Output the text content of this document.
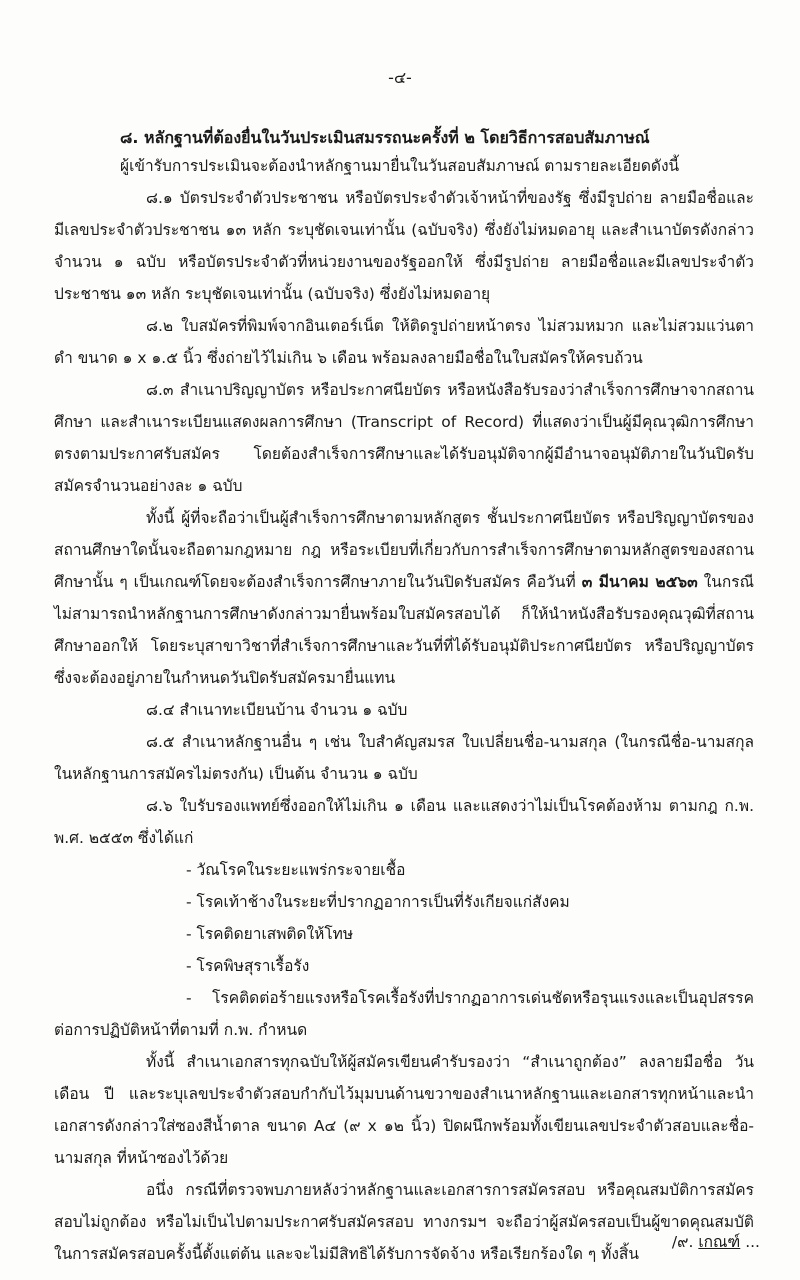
-๔-
๘. หลักฐานที่ต้องยื่นในวันประเมินสมรรถนะครั้งที่ ๒ โดยวิธีการสอบสัมภาษณ์

ผู้เข้ารับการประเมินจะต้องนำหลักฐานมายื่นในวันสอบสัมภาษณ์ ตามรายละเอียดดังนี้

๘.๑ บัตรประจำตัวประชาชน หรือบัตรประจำตัวเจ้าหน้าที่ของรัฐ ซึ่งมีรูปถ่าย ลายมือชื่อและมีเลขประจำตัวประชาชน ๑๓ หลัก ระบุชัดเจนเท่านั้น (ฉบับจริง) ซึ่งยังไม่หมดอายุ และสำเนาบัตรดังกล่าวจำนวน ๑ ฉบับ หรือบัตรประจำตัวที่หน่วยงานของรัฐออกให้ ซึ่งมีรูปถ่าย ลายมือชื่อและมีเลขประจำตัวประชาชน ๑๓ หลัก ระบุชัดเจนเท่านั้น (ฉบับจริง) ซึ่งยังไม่หมดอายุ

๘.๒ ใบสมัครที่พิมพ์จากอินเตอร์เน็ต ให้ติดรูปถ่ายหน้าตรง ไม่สวมหมวก และไม่สวมแว่นตาดำ ขนาด ๑ x ๑.๕ นิ้ว ซึ่งถ่ายไว้ไม่เกิน ๖ เดือน พร้อมลงลายมือชื่อในใบสมัครให้ครบถ้วน

๘.๓ สำเนาปริญญาบัตร หรือประกาศนียบัตร หรือหนังสือรับรองว่าสำเร็จการศึกษาจากสถานศึกษา และสำเนาระเบียนแสดงผลการศึกษา (Transcript of Record) ที่แสดงว่าเป็นผู้มีคุณวุฒิการศึกษาตรงตามประกาศรับสมัคร โดยต้องสำเร็จการศึกษาและได้รับอนุมัติจากผู้มีอำนาจอนุมัติภายในวันปิดรับสมัครจำนวนอย่างละ ๑ ฉบับ

ทั้งนี้ ผู้ที่จะถือว่าเป็นผู้สำเร็จการศึกษาตามหลักสูตร ชั้นประกาศนียบัตร หรือปริญญาบัตรของสถานศึกษาใดนั้นจะถือตามกฎหมาย กฎ หรือระเบียบที่เกี่ยวกับการสำเร็จการศึกษาตามหลักสูตรของสถานศึกษานั้น ๆ เป็นเกณฑ์โดยจะต้องสำเร็จการศึกษาภายในวันปิดรับสมัคร คือวันที่ ๓ มีนาคม ๒๕๖๓ ในกรณีไม่สามารถนำหลักฐานการศึกษาดังกล่าวมายื่นพร้อมใบสมัครสอบได้ ก็ให้นำหนังสือรับรองคุณวุฒิที่สถานศึกษาออกให้ โดยระบุสาขาวิชาที่สำเร็จการศึกษาและวันที่ที่ได้รับอนุมัติประกาศนียบัตร หรือปริญญาบัตรซึ่งจะต้องอยู่ภายในกำหนดวันปิดรับสมัครมายื่นแทน

๘.๔ สำเนาทะเบียนบ้าน จำนวน ๑ ฉบับ

๘.๕ สำเนาหลักฐานอื่น ๆ เช่น ใบสำคัญสมรส ใบเปลี่ยนชื่อ-นามสกุล (ในกรณีชื่อ-นามสกุลในหลักฐานการสมัครไม่ตรงกัน) เป็นต้น จำนวน ๑ ฉบับ

๘.๖ ใบรับรองแพทย์ซึ่งออกให้ไม่เกิน ๑ เดือน และแสดงว่าไม่เป็นโรคต้องห้าม ตามกฎ ก.พ. พ.ศ. ๒๕๕๓ ซึ่งได้แก่

- วัณโรคในระยะแพร่กระจายเชื้อ
- โรคเท้าช้างในระยะที่ปรากฏอาการเป็นที่รังเกียจแก่สังคม
- โรคติดยาเสพติดให้โทษ
- โรคพิษสุราเรื้อรัง
- โรคติดต่อร้ายแรงหรือโรคเรื้อรังที่ปรากฏอาการเด่นชัดหรือรุนแรงและเป็นอุปสรรคต่อการปฏิบัติหน้าที่ตามที่ ก.พ. กำหนด

ทั้งนี้ สำเนาเอกสารทุกฉบับให้ผู้สมัครเขียนคำรับรองว่า “สำเนาถูกต้อง” ลงลายมือชื่อ วัน เดือน ปี และระบุเลขประจำตัวสอบกำกับไว้มุมบนด้านขวาของสำเนาหลักฐานและเอกสารทุกหน้าและนำเอกสารดังกล่าวใส่ซองสีน้ำตาล ขนาด A๔ (๙ x ๑๒ นิ้ว) ปิดผนึกพร้อมทั้งเขียนเลขประจำตัวสอบและชื่อ-นามสกุล ที่หน้าซองไว้ด้วย

อนึ่ง กรณีที่ตรวจพบภายหลังว่าหลักฐานและเอกสารการสมัครสอบ หรือคุณสมบัติการสมัครสอบไม่ถูกต้อง หรือไม่เป็นไปตามประกาศรับสมัครสอบ ทางกรมฯ จะถือว่าผู้สมัครสอบเป็นผู้ขาดคุณสมบัติในการสมัครสอบครั้งนี้ตั้งแต่ต้น และจะไม่มีสิทธิได้รับการจัดจ้าง หรือเรียกร้องใด ๆ ทั้งสิ้น

/๙. เกณฑ์ ...
